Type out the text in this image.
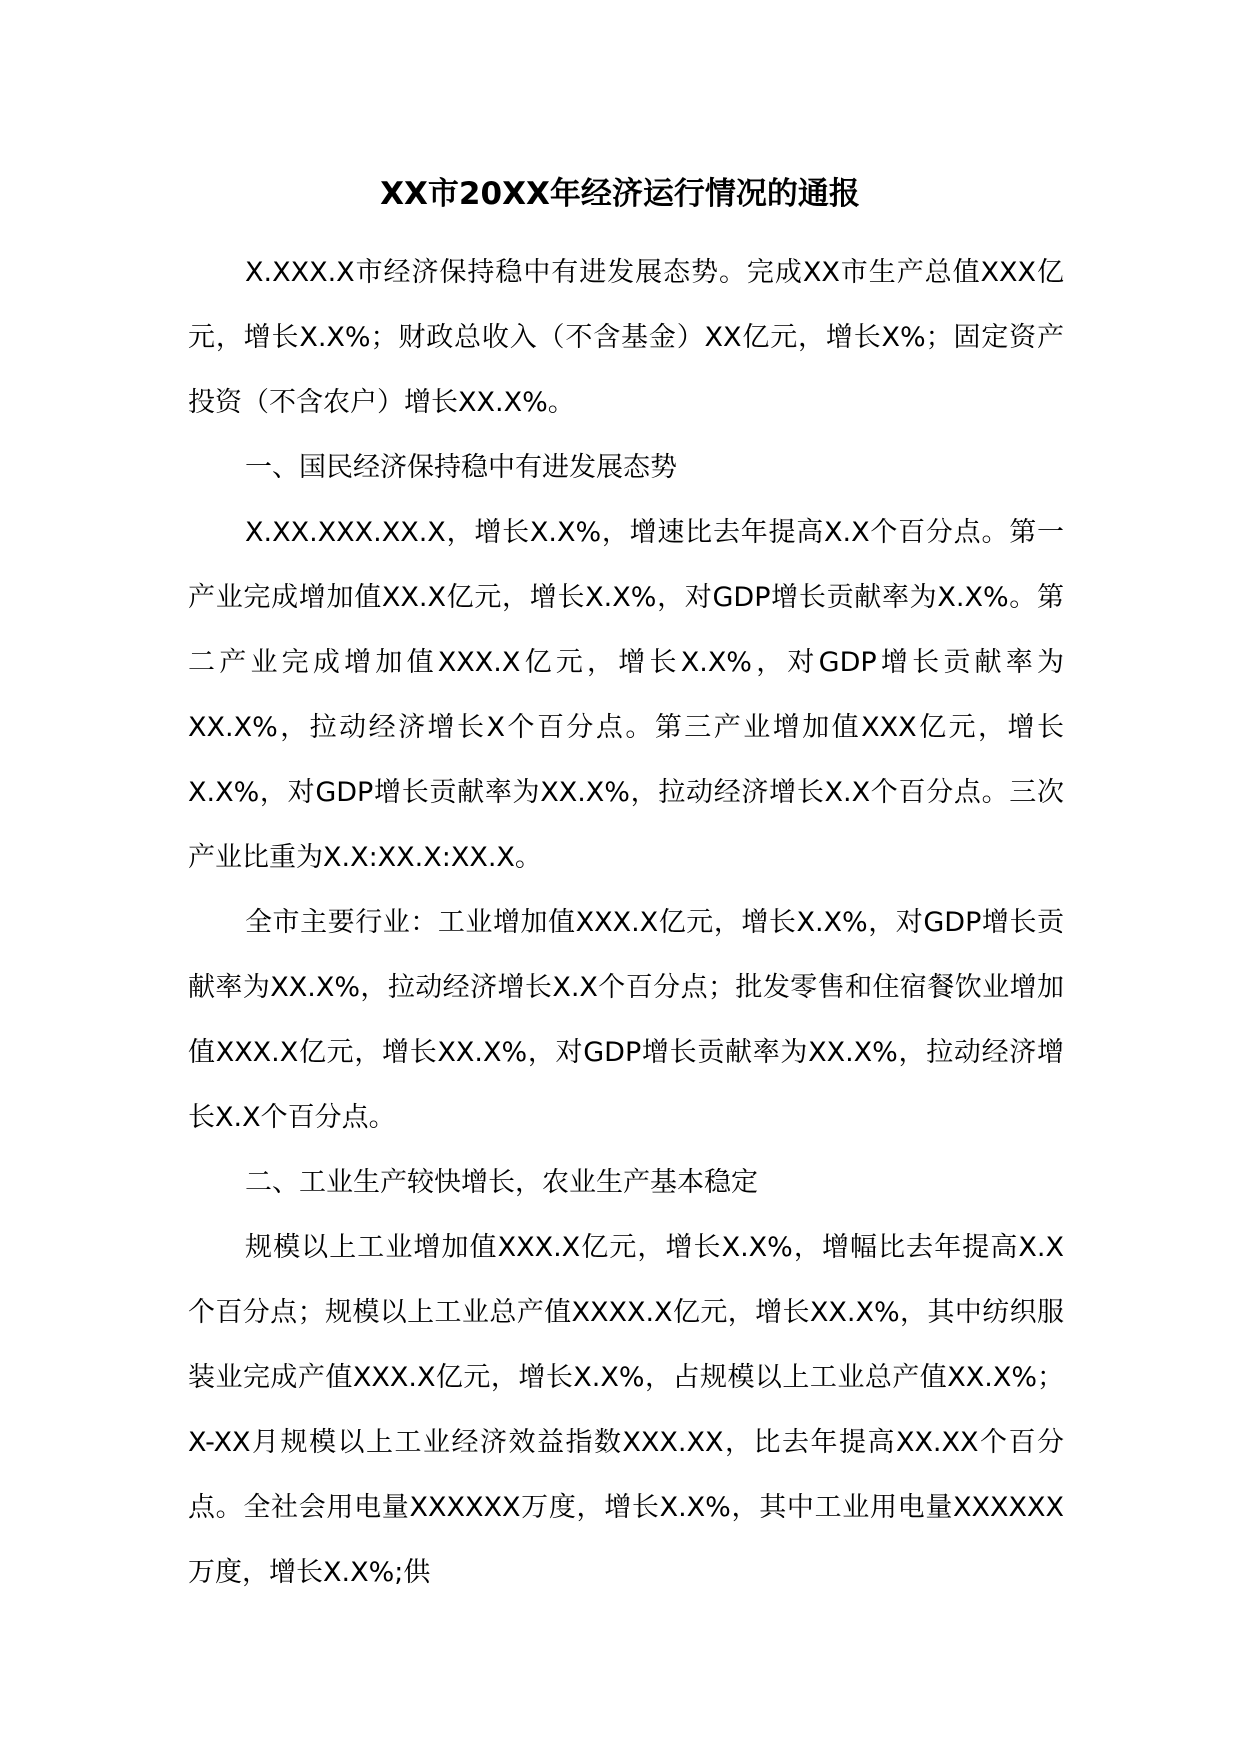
XX市20XX年经济运行情况的通报

X.XXX.X市经济保持稳中有进发展态势。完成XX市生产总值XXX亿元，增长X.X%；财政总收入（不含基金）XX亿元，增长X%；固定资产投资（不含农户）增长XX.X%。

一、国民经济保持稳中有进发展态势

X.XX.XXX.XX.X，增长X.X%，增速比去年提高X.X个百分点。第一产业完成增加值XX.X亿元，增长X.X%，对GDP增长贡献率为X.X%。第二产业完成增加值XXX.X亿元，增长X.X%，对GDP增长贡献率为XX.X%，拉动经济增长X个百分点。第三产业增加值XXX亿元，增长X.X%，对GDP增长贡献率为XX.X%，拉动经济增长X.X个百分点。三次产业比重为X.X:XX.X:XX.X。

全市主要行业：工业增加值XXX.X亿元，增长X.X%，对GDP增长贡献率为XX.X%，拉动经济增长X.X个百分点；批发零售和住宿餐饮业增加值XXX.X亿元，增长XX.X%，对GDP增长贡献率为XX.X%，拉动经济增长X.X个百分点。

二、工业生产较快增长，农业生产基本稳定

规模以上工业增加值XXX.X亿元，增长X.X%，增幅比去年提高X.X个百分点；规模以上工业总产值XXXX.X亿元，增长XX.X%，其中纺织服装业完成产值XXX.X亿元，增长X.X%，占规模以上工业总产值XX.X%；X-XX月规模以上工业经济效益指数XXX.XX，比去年提高XX.XX个百分点。全社会用电量XXXXXX万度，增长X.X%，其中工业用电量XXXXXX万度，增长X.X%;供
